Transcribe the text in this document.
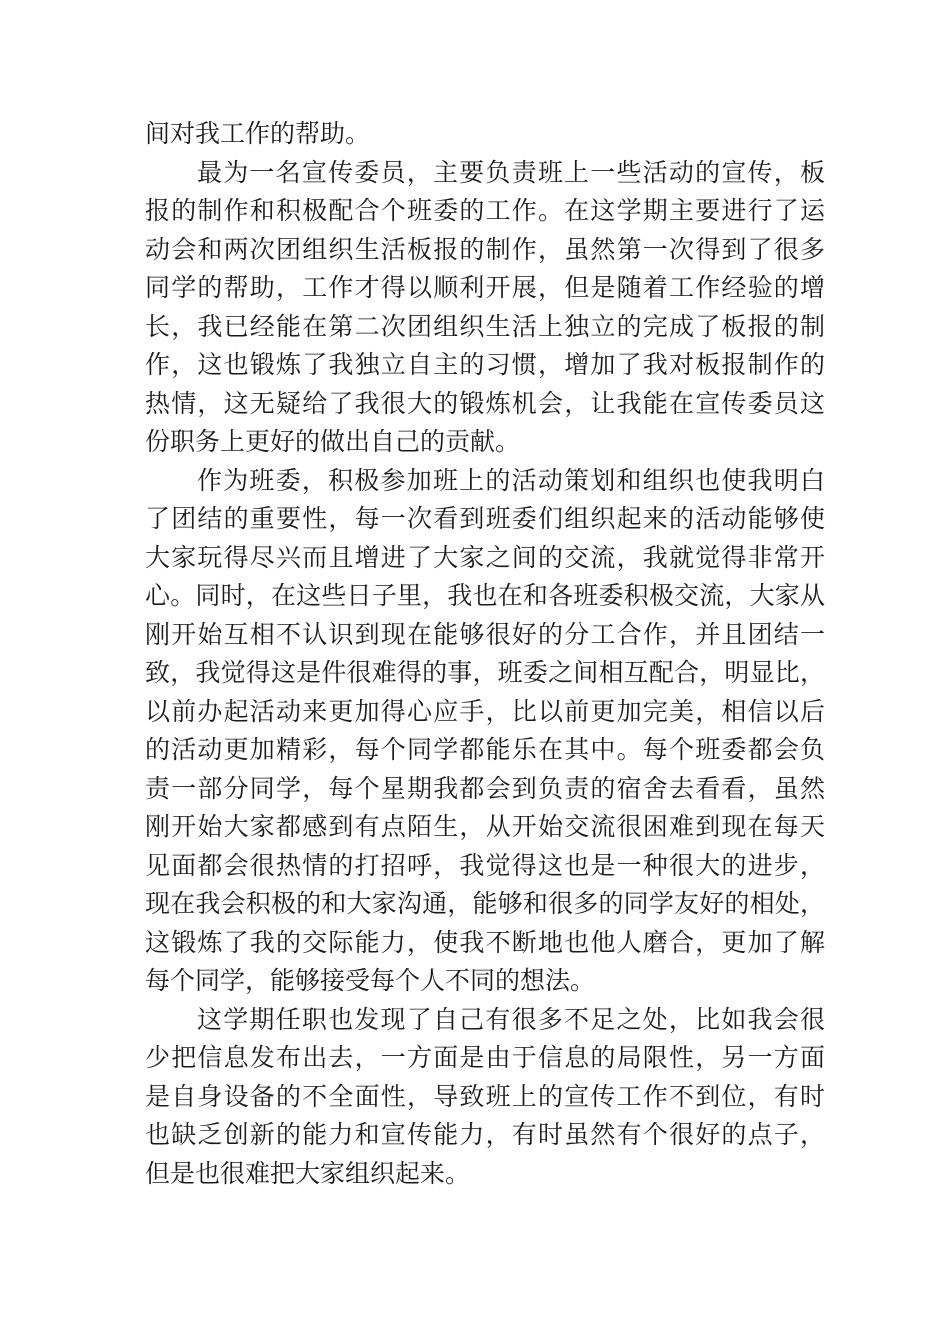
间对我工作的帮助。
最为一名宣传委员，主要负责班上一些活动的宣传，板
报的制作和积极配合个班委的工作。在这学期主要进行了运
动会和两次团组织生活板报的制作，虽然第一次得到了很多
同学的帮助，工作才得以顺利开展，但是随着工作经验的增
长，我已经能在第二次团组织生活上独立的完成了板报的制
作，这也锻炼了我独立自主的习惯，增加了我对板报制作的
热情，这无疑给了我很大的锻炼机会，让我能在宣传委员这
份职务上更好的做出自己的贡献。
作为班委，积极参加班上的活动策划和组织也使我明白
了团结的重要性，每一次看到班委们组织起来的活动能够使
大家玩得尽兴而且增进了大家之间的交流，我就觉得非常开
心。同时，在这些日子里，我也在和各班委积极交流，大家从
刚开始互相不认识到现在能够很好的分工合作，并且团结一
致，我觉得这是件很难得的事，班委之间相互配合，明显比，
以前办起活动来更加得心应手，比以前更加完美，相信以后
的活动更加精彩，每个同学都能乐在其中。每个班委都会负
责一部分同学，每个星期我都会到负责的宿舍去看看，虽然
刚开始大家都感到有点陌生，从开始交流很困难到现在每天
见面都会很热情的打招呼，我觉得这也是一种很大的进步，
现在我会积极的和大家沟通，能够和很多的同学友好的相处，
这锻炼了我的交际能力，使我不断地也他人磨合，更加了解
每个同学，能够接受每个人不同的想法。
这学期任职也发现了自己有很多不足之处，比如我会很
少把信息发布出去，一方面是由于信息的局限性，另一方面
是自身设备的不全面性，导致班上的宣传工作不到位，有时
也缺乏创新的能力和宣传能力，有时虽然有个很好的点子，
但是也很难把大家组织起来。
